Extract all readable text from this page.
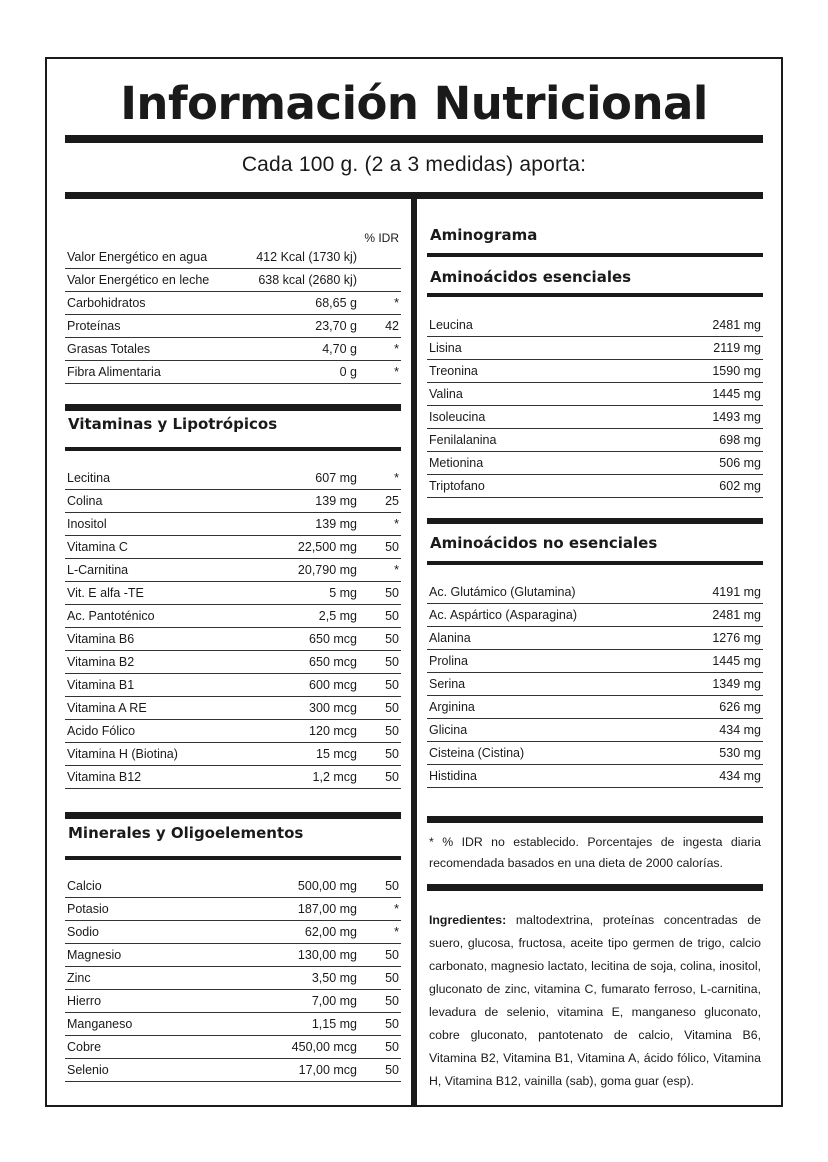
Información Nutricional
Cada 100 g. (2 a 3 medidas) aporta:
% IDR
Valor Energético en agua	412 Kcal (1730 kj)
Valor Energético en leche	638 kcal (2680 kj)
Carbohidratos	68,65 g	*
Proteínas	23,70 g 42
Grasas Totales	4,70 g	*
Fibra Alimentaria	0 g	*
Vitaminas y Lipotrópicos
Lecitina	607 mg	*
Colina	139 mg 25
Inositol	139 mg	*
Vitamina C	22,500 mg 50
L-Carnitina	20,790 mg	*
Vit. E alfa -TE	5 mg 50
Ac. Pantoténico	2,5 mg 50
Vitamina B6	650 mcg 50
Vitamina B2	650 mcg 50
Vitamina B1	600 mcg 50
Vitamina A RE	300 mcg 50
Acido Fólico	120 mcg 50
Vitamina H (Biotina)	15 mcg 50
Vitamina B12	1,2 mcg 50
Minerales y Oligoelementos
Calcio	500,00 mg 50
Potasio	187,00 mg	*
Sodio	62,00 mg	*
Magnesio	130,00 mg 50
Zinc	3,50 mg 50
Hierro	7,00 mg 50
Manganeso	1,15 mg 50
Cobre	450,00 mcg 50
Selenio	17,00 mcg 50
Aminograma
Aminoácidos esenciales
Leucina	2481 mg
Lisina	2119 mg
Treonina	1590 mg
Valina	1445 mg
Isoleucina	1493 mg
Fenilalanina	698 mg
Metionina	506 mg
Triptofano	602 mg
Aminoácidos no esenciales
Ac. Glutámico (Glutamina)	4191 mg
Ac. Aspártico (Asparagina)	2481 mg
Alanina	1276 mg
Prolina	1445 mg
Serina	1349 mg
Arginina	626 mg
Glicina	434 mg
Cisteina (Cistina)	530 mg
Histidina	434 mg
* % IDR no establecido. Porcentajes de ingesta diaria recomendada basados en una dieta de 2000 calorías.
Ingredientes: maltodextrina, proteínas concentradas de suero, glucosa, fructosa, aceite tipo germen de trigo, calcio carbonato, magnesio lactato, lecitina de soja, colina, inositol, gluconato de zinc, vitamina C, fumarato ferroso, L-carnitina, levadura de selenio, vitamina E, manganeso gluconato, cobre gluconato, pantotenato de calcio, Vitamina B6, Vitamina B2, Vitamina B1, Vitamina A, ácido fólico, Vitamina H, Vitamina B12, vainilla (sab), goma guar (esp).
